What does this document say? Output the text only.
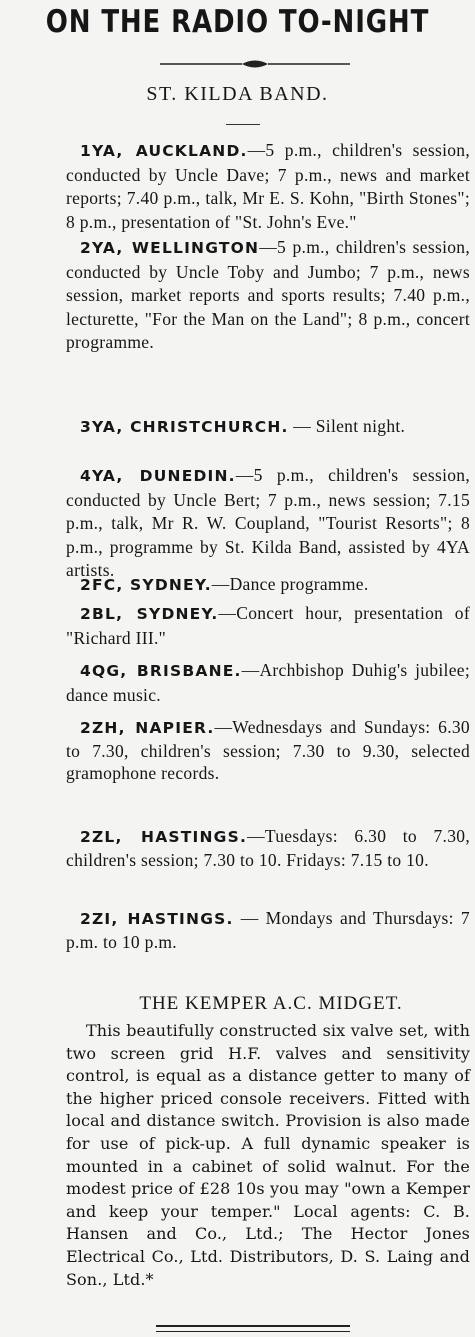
ON THE RADIO TO-NIGHT
ST. KILDA BAND.

1YA, AUCKLAND.—5 p.m., children's session, conducted by Uncle Dave; 7 p.m., news and market reports; 7.40 p.m., talk, Mr E. S. Kohn, "Birth Stones"; 8 p.m., presentation of "St. John's Eve."

2YA, WELLINGTON—5 p.m., children's session, conducted by Uncle Toby and Jumbo; 7 p.m., news session, market reports and sports results; 7.40 p.m., lecturette, "For the Man on the Land"; 8 p.m., concert programme.

3YA, CHRISTCHURCH. — Silent night.

4YA, DUNEDIN.—5 p.m., children's session, conducted by Uncle Bert; 7 p.m., news session; 7.15 p.m., talk, Mr R. W. Coupland, "Tourist Resorts"; 8 p.m., programme by St. Kilda Band, assisted by 4YA artists.

2FC, SYDNEY.—Dance programme.

2BL, SYDNEY.—Concert hour, presentation of "Richard III."

4QG, BRISBANE.—Archbishop Duhig's jubilee; dance music.

2ZH, NAPIER.—Wednesdays and Sundays: 6.30 to 7.30, children's session; 7.30 to 9.30, selected gramophone records.

2ZL, HASTINGS.—Tuesdays: 6.30 to 7.30, children's session; 7.30 to 10. Fridays: 7.15 to 10.

2ZI, HASTINGS. — Mondays and Thursdays: 7 p.m. to 10 p.m.

THE KEMPER A.C. MIDGET.

This beautifully constructed six valve set, with two screen grid H.F. valves and sensitivity control, is equal as a distance getter to many of the higher priced console receivers. Fitted with local and distance switch. Provision is also made for use of pick-up. A full dynamic speaker is mounted in a cabinet of solid walnut. For the modest price of £28 10s you may "own a Kemper and keep your temper." Local agents: C. B. Hansen and Co., Ltd.; The Hector Jones Electrical Co., Ltd. Distributors, D. S. Laing and Son., Ltd.*
